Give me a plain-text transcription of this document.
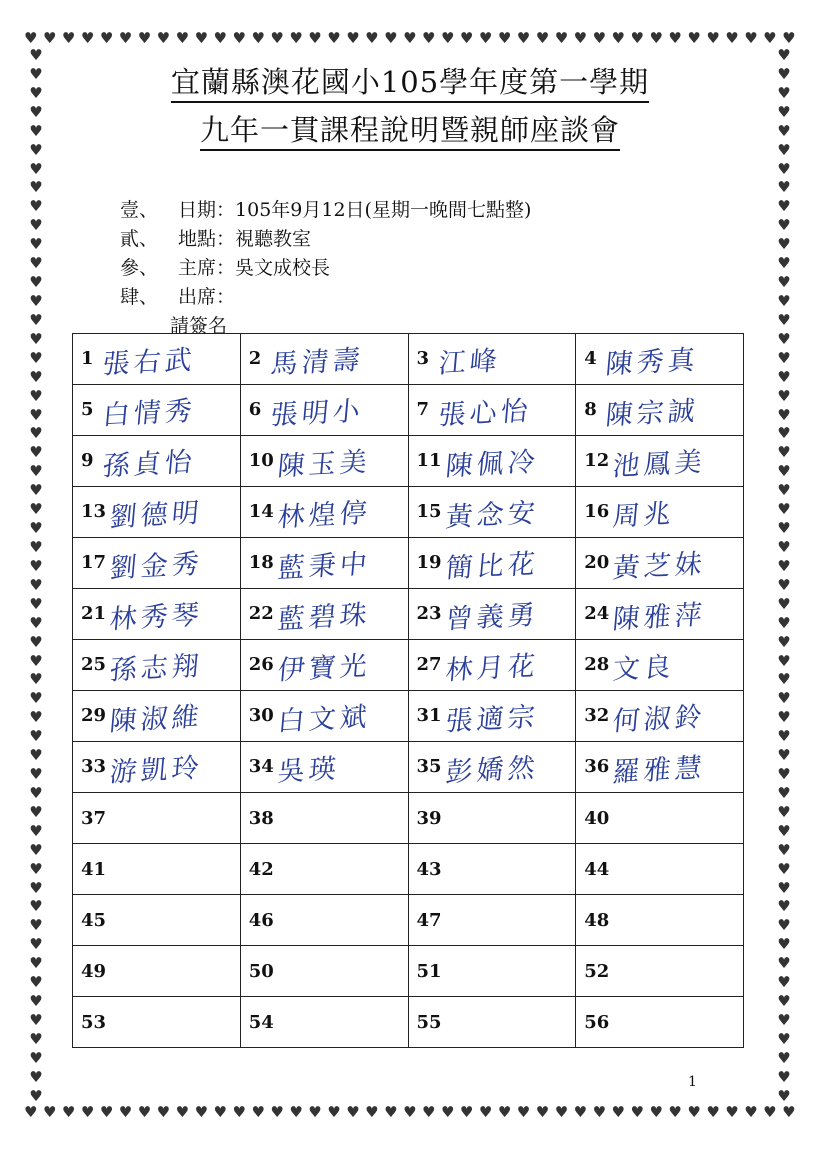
♥ ♥ ♥ ♥ ♥ ♥ ♥ ♥ ♥ ♥ ♥ ♥ ♥ ♥ ♥ ♥ ♥ ♥ ♥ ♥ ♥ ♥ ♥ ♥ ♥ ♥ ♥ ♥ ♥ ♥ ♥ ♥ ♥ ♥ ♥ ♥ ♥ ♥ ♥ ♥ ♥
♥ ♥ ♥ ♥ ♥ ♥ ♥ ♥ ♥ ♥ ♥ ♥ ♥ ♥ ♥ ♥ ♥ ♥ ♥ ♥ ♥ ♥ ♥ ♥ ♥ ♥ ♥ ♥ ♥ ♥ ♥ ♥ ♥ ♥ ♥ ♥ ♥ ♥ ♥ ♥ ♥
♥
♥
♥
♥
♥
♥
♥
♥
♥
♥
♥
♥
♥
♥
♥
♥
♥
♥
♥
♥
♥
♥
♥
♥
♥
♥
♥
♥
♥
♥
♥
♥
♥
♥
♥
♥
♥
♥
♥
♥
♥
♥
♥
♥
♥
♥
♥
♥
♥
♥
♥
♥
♥
♥
♥
♥
♥
♥
♥
♥
♥
♥
♥
♥
♥
♥
♥
♥
♥
♥
♥
♥
♥
♥
♥
♥
♥
♥
♥
♥
♥
♥
♥
♥
♥
♥
♥
♥
♥
♥
♥
♥
♥
♥
♥
♥
♥
♥
♥
♥
♥
♥
♥
♥
♥
♥
♥
♥
♥
♥
♥
♥
宜蘭縣澳花國小105學年度第一學期
九年一貫課程說明暨親師座談會
壹、	日期 ： 105年9月12日(星期一晚間七點整)
貳、	地點 ： 視聽教室
參、	主席 ： 吳文成校長
肆、	出席 ：
請簽名
1 張右武	2 馬清壽	3 江峰	4 陳秀真
5 白情秀	6 張明小	7 張心怡	8 陳宗誠
9 孫貞怡	10陳玉美	11陳佩冷	12池鳳美
13劉德明	14林煌停	15黃念安	16周兆
17劉金秀	18藍秉中	19簡比花	20黃芝妹
21林秀琴	22藍碧珠	23曾義勇	24陳雅萍
25孫志翔	26伊寶光	27林月花	28文良
29陳淑維	30白文斌	31張適宗	32何淑鈴
33游凱玲	34吳瑛	35彭嬌然	36羅雅慧
37	38	39	40
41	42	43	44
45	46	47	48
49	50	51	52
53	54	55	56
1
